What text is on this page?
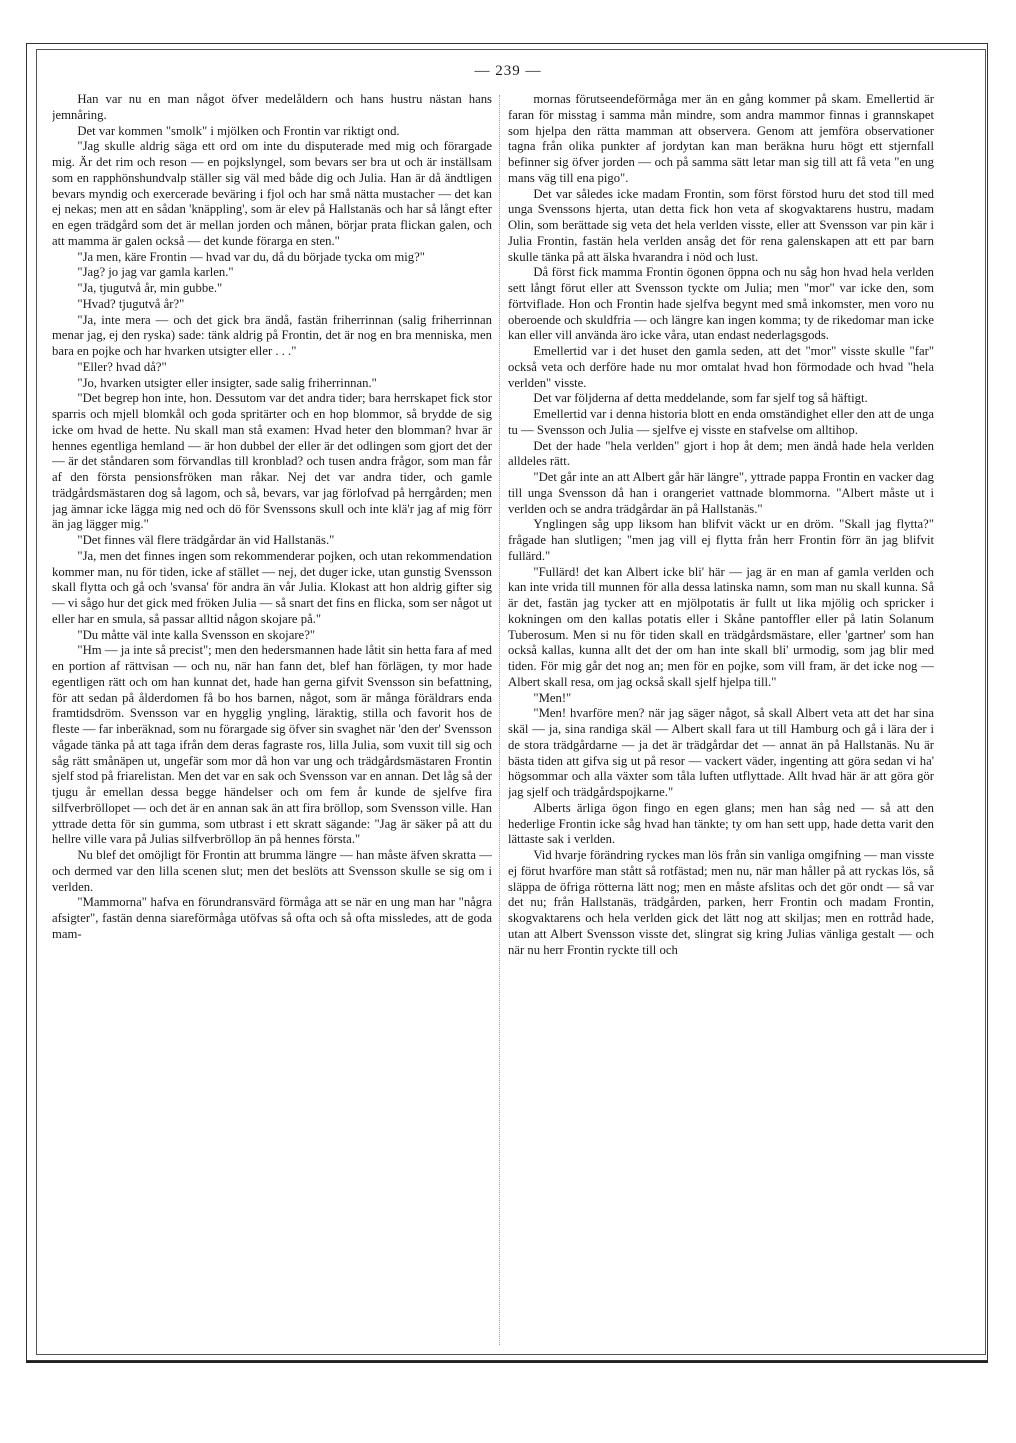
— 239 —

Han var nu en man något öfver medelåldern och hans hustru nästan hans jemnåring.

Det var kommen "smolk" i mjölken och Frontin var riktigt ond.

"Jag skulle aldrig säga ett ord om inte du disputerade med mig och förargade mig. Är det rim och reson — en pojkslyngel, som bevars ser bra ut och är inställsam som en rapphönshundvalp ställer sig väl med både dig och Julia. Han är då ändtligen bevars myndig och exercerade beväring i fjol och har små nätta mustacher — det kan ej nekas; men att en sådan 'knäppling', som är elev på Hallstanäs och har så långt efter en egen trädgård som det är mellan jorden och månen, börjar prata flickan galen, och att mamma är galen också — det kunde förarga en sten."

"Ja men, käre Frontin — hvad var du, då du började tycka om mig?"

"Jag? jo jag var gamla karlen."

"Ja, tjugutvå år, min gubbe."

"Hvad? tjugutvå år?"

"Ja, inte mera — och det gick bra ändå, fastän friherrinnan (salig friherrinnan menar jag, ej den ryska) sade: tänk aldrig på Frontin, det är nog en bra menniska, men bara en pojke och har hvarken utsigter eller . . ."

"Eller? hvad då?"

"Jo, hvarken utsigter eller insigter, sade salig friherrinnan."

"Det begrep hon inte, hon. Dessutom var det andra tider; bara herrskapet fick stor sparris och mjell blomkål och goda spritärter och en hop blommor, så brydde de sig icke om hvad de hette. Nu skall man stå examen: Hvad heter den blomman? hvar är hennes egentliga hemland — är hon dubbel der eller är det odlingen som gjort det der — är det ståndaren som förvandlas till kronblad? och tusen andra frågor, som man får af den första pensionsfröken man råkar. Nej det var andra tider, och gamle trädgårdsmästaren dog så lagom, och så, bevars, var jag förlofvad på herrgården; men jag ämnar icke lägga mig ned och dö för Svenssons skull och inte klä'r jag af mig förr än jag lägger mig."

"Det finnes väl flere trädgårdar än vid Hallstanäs."

"Ja, men det finnes ingen som rekommenderar pojken, och utan rekommendation kommer man, nu för tiden, icke af stället — nej, det duger icke, utan gunstig Svensson skall flytta och gå och 'svansa' för andra än vår Julia. Klokast att hon aldrig gifter sig — vi sågo hur det gick med fröken Julia — så snart det fins en flicka, som ser något ut eller har en smula, så passar alltid någon skojare på."

"Du måtte väl inte kalla Svensson en skojare?"

"Hm — ja inte så precist"; men den hedersmannen hade låtit sin hetta fara af med en portion af rättvisan — och nu, när han fann det, blef han förlägen, ty mor hade egentligen rätt och om han kunnat det, hade han gerna gifvit Svensson sin befattning, för att sedan på ålderdomen få bo hos barnen, något, som är många föräldrars enda framtidsdröm. Svensson var en hygglig yngling, läraktig, stilla och favorit hos de fleste — far inberäknad, som nu förargade sig öfver sin svaghet när 'den der' Svensson vågade tänka på att taga ifrån dem deras fagraste ros, lilla Julia, som vuxit till sig och såg rätt smånäpen ut, ungefär som mor då hon var ung och trädgårdsmästaren Frontin sjelf stod på friarelistan. Men det var en sak och Svensson var en annan. Det låg så der tjugu år emellan dessa begge händelser och om fem år kunde de sjelfve fira silfverbröllopet — och det är en annan sak än att fira bröllop, som Svensson ville. Han yttrade detta för sin gumma, som utbrast i ett skratt sägande: "Jag är säker på att du hellre ville vara på Julias silfverbröllop än på hennes första."

Nu blef det omöjligt för Frontin att brumma längre — han måste äfven skratta — och dermed var den lilla scenen slut; men det beslöts att Svensson skulle se sig om i verlden.

"Mammorna" hafva en förundransvärd förmåga att se när en ung man har "några afsigter", fastän denna siareförmåga utöfvas så ofta och så ofta missledes, att de goda mam-

mornas förutseendeförmåga mer än en gång kommer på skam. Emellertid är faran för misstag i samma mån mindre, som andra mammor finnas i grannskapet som hjelpa den rätta mamman att observera. Genom att jemföra observationer tagna från olika punkter af jordytan kan man beräkna huru högt ett stjernfall befinner sig öfver jorden — och på samma sätt letar man sig till att få veta "en ung mans väg till ena pigo".

Det var således icke madam Frontin, som först förstod huru det stod till med unga Svenssons hjerta, utan detta fick hon veta af skogvaktarens hustru, madam Olin, som berättade sig veta det hela verlden visste, eller att Svensson var pin kär i Julia Frontin, fastän hela verlden ansåg det för rena galenskapen att ett par barn skulle tänka på att älska hvarandra i nöd och lust.

Då först fick mamma Frontin ögonen öppna och nu såg hon hvad hela verlden sett långt förut eller att Svensson tyckte om Julia; men "mor" var icke den, som förtviflade. Hon och Frontin hade sjelfva begynt med små inkomster, men voro nu oberoende och skuldfria — och längre kan ingen komma; ty de rikedomar man icke kan eller vill använda äro icke våra, utan endast nederlagsgods.

Emellertid var i det huset den gamla seden, att det "mor" visste skulle "far" också veta och derföre hade nu mor omtalat hvad hon förmodade och hvad "hela verlden" visste.

Det var följderna af detta meddelande, som far sjelf tog så häftigt.

Emellertid var i denna historia blott en enda omständighet eller den att de unga tu — Svensson och Julia — sjelfve ej visste en stafvelse om alltihop.

Det der hade "hela verlden" gjort i hop åt dem; men ändå hade hela verlden alldeles rätt.

"Det går inte an att Albert går här längre", yttrade pappa Frontin en vacker dag till unga Svensson då han i orangeriet vattnade blommorna. "Albert måste ut i verlden och se andra trädgårdar än på Hallstanäs."

Ynglingen såg upp liksom han blifvit väckt ur en dröm. "Skall jag flytta?" frågade han slutligen; "men jag vill ej flytta från herr Frontin förr än jag blifvit fullärd."

"Fullärd! det kan Albert icke bli' här — jag är en man af gamla verlden och kan inte vrida till munnen för alla dessa latinska namn, som man nu skall kunna. Så är det, fastän jag tycker att en mjölpotatis är fullt ut lika mjölig och spricker i kokningen om den kallas potatis eller i Skåne pantoffler eller på latin Solanum Tuberosum. Men si nu för tiden skall en trädgårdsmästare, eller 'gartner' som han också kallas, kunna allt det der om han inte skall bli' urmodig, som jag blir med tiden. För mig går det nog an; men för en pojke, som vill fram, är det icke nog — Albert skall resa, om jag också skall sjelf hjelpa till."

"Men!"

"Men! hvarföre men? när jag säger något, så skall Albert veta att det har sina skäl — ja, sina randiga skäl — Albert skall fara ut till Hamburg och gå i lära der i de stora trädgårdarne — ja det är trädgårdar det — annat än på Hallstanäs. Nu är bästa tiden att gifva sig ut på resor — vackert väder, ingenting att göra sedan vi ha' högsommar och alla växter som tåla luften utflyttade. Allt hvad här är att göra gör jag sjelf och trädgårdspojkarne."

Alberts ärliga ögon fingo en egen glans; men han såg ned — så att den hederlige Frontin icke såg hvad han tänkte; ty om han sett upp, hade detta varit den lättaste sak i verlden.

Vid hvarje förändring ryckes man lös från sin vanliga omgifning — man visste ej förut hvarföre man stått så rotfästad; men nu, när man håller på att ryckas lös, så släppa de öfriga rötterna lätt nog; men en måste afslitas och det gör ondt — så var det nu; från Hallstanäs, trädgården, parken, herr Frontin och madam Frontin, skogvaktarens och hela verlden gick det lätt nog att skiljas; men en rottråd hade, utan att Albert Svensson visste det, slingrat sig kring Julias vänliga gestalt — och när nu herr Frontin ryckte till och
